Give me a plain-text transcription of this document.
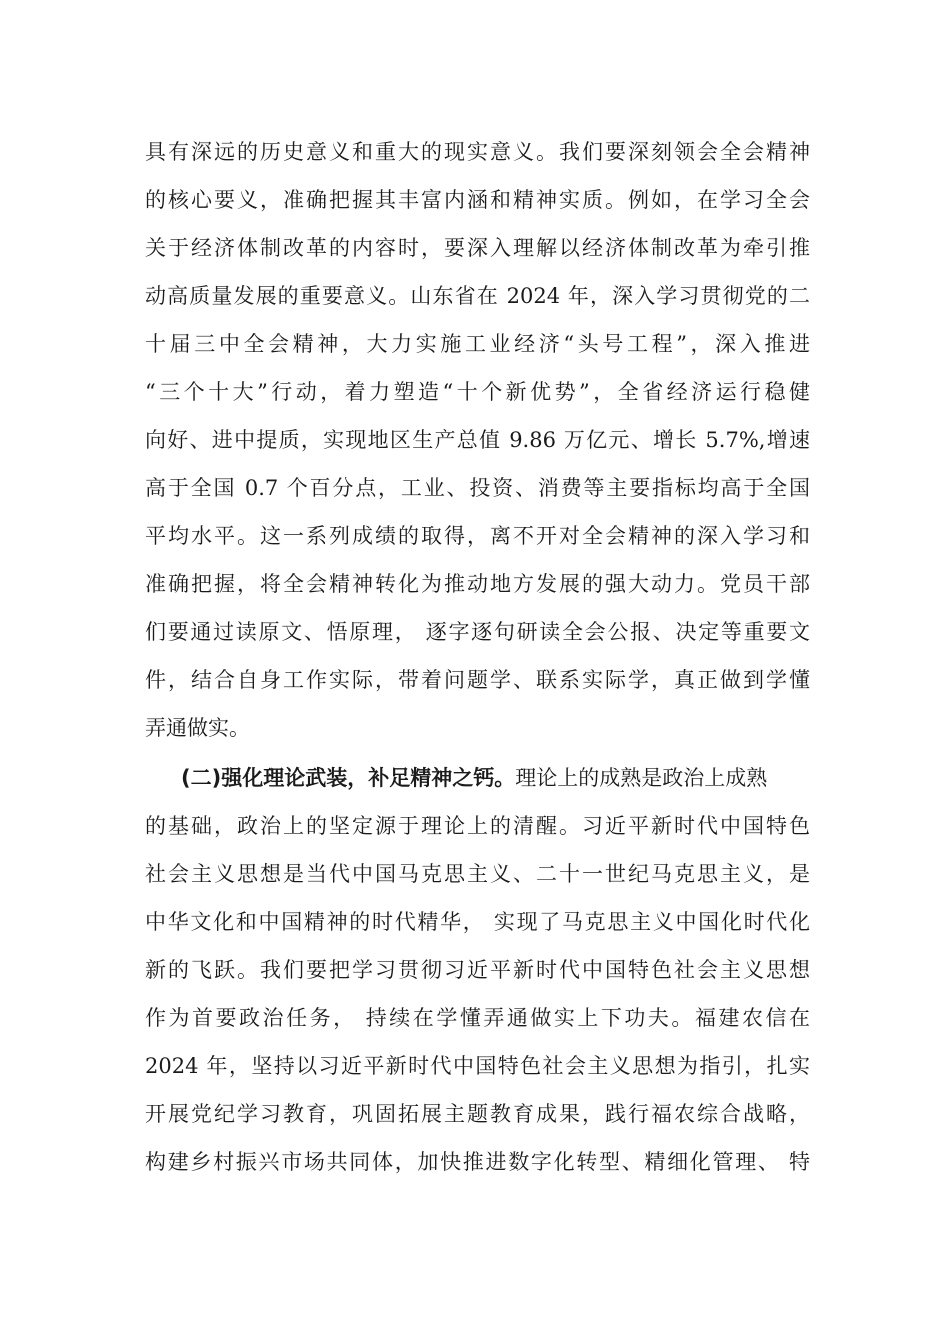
具有深远的历史意义和重大的现实意义。我们要深刻领会全会精神
的核心要义，准确把握其丰富内涵和精神实质。例如，在学习全会
关于经济体制改革的内容时，要深入理解以经济体制改革为牵引推
动高质量发展的重要意义。山东省在 2024 年，深入学习贯彻党的二
十届三中全会精神，大力实施工业经济“头号工程”，深入推进
“三个十大”行动，着力塑造“十个新优势”，全省经济运行稳健
向好、进中提质，实现地区生产总值 9.86 万亿元、增长 5.7%,增速
高于全国 0.7 个百分点，工业、投资、消费等主要指标均高于全国
平均水平。这一系列成绩的取得，离不开对全会精神的深入学习和
准确把握，将全会精神转化为推动地方发展的强大动力。党员干部
们要通过读原文、悟原理， 逐字逐句研读全会公报、决定等重要文
件，结合自身工作实际，带着问题学、联系实际学，真正做到学懂
弄通做实。
(二)强化理论武装，补足精神之钙。理论上的成熟是政治上成熟
的基础，政治上的坚定源于理论上的清醒。习近平新时代中国特色
社会主义思想是当代中国马克思主义、二十一世纪马克思主义，是
中华文化和中国精神的时代精华， 实现了马克思主义中国化时代化
新的飞跃。我们要把学习贯彻习近平新时代中国特色社会主义思想
作为首要政治任务， 持续在学懂弄通做实上下功夫。福建农信在
2024 年，坚持以习近平新时代中国特色社会主义思想为指引，扎实
开展党纪学习教育，巩固拓展主题教育成果，践行福农综合战略，
构建乡村振兴市场共同体，加快推进数字化转型、精细化管理、 特
